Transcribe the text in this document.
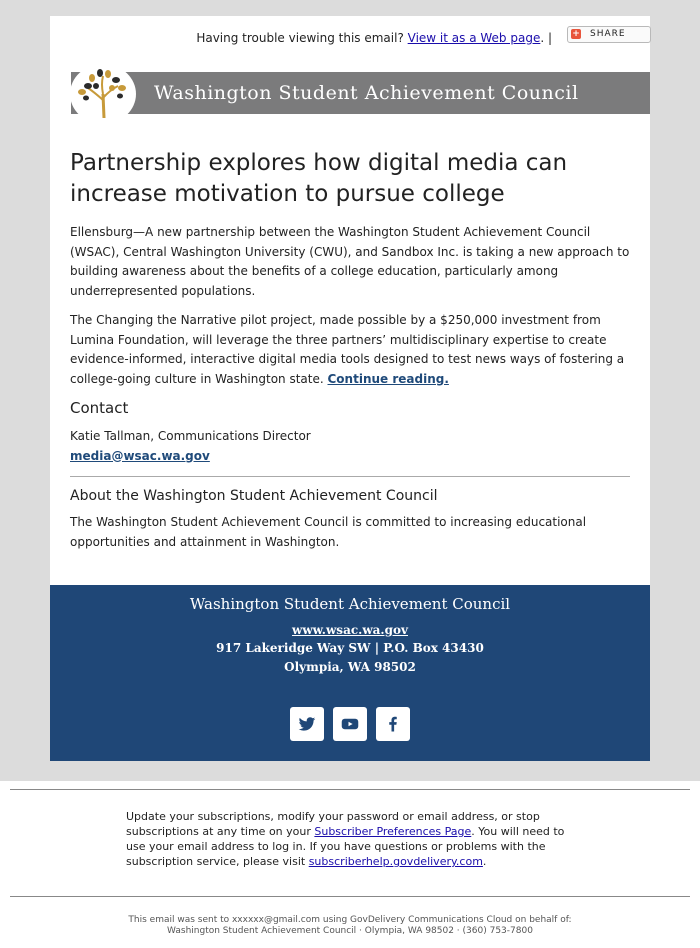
Having trouble viewing this email? View it as a Web page. | + SHARE
Washington Student Achievement Council
Partnership explores how digital media can increase motivation to pursue college

Ellensburg—A new partnership between the Washington Student Achievement Council (WSAC), Central Washington University (CWU), and Sandbox Inc. is taking a new approach to building awareness about the benefits of a college education, particularly among underrepresented populations.

The Changing the Narrative pilot project, made possible by a $250,000 investment from Lumina Foundation, will leverage the three partners’ multidisciplinary expertise to create evidence-informed, interactive digital media tools designed to test news ways of fostering a college-going culture in Washington state. Continue reading.

Contact

Katie Tallman, Communications Director

media@wsac.wa.gov

About the Washington Student Achievement Council

The Washington Student Achievement Council is committed to increasing educational opportunities and attainment in Washington.

Washington Student Achievement Council
www.wsac.wa.gov
917 Lakeridge Way SW | P.O. Box 43430
Olympia, WA 98502
Update your subscriptions, modify your password or email address, or stop subscriptions at any time on your Subscriber Preferences Page. You will need to use your email address to log in. If you have questions or problems with the subscription service, please visit subscriberhelp.govdelivery.com.
This email was sent to xxxxxx@gmail.com using GovDelivery Communications Cloud on behalf of:
Washington Student Achievement Council · Olympia, WA 98502 · (360) 753-7800
